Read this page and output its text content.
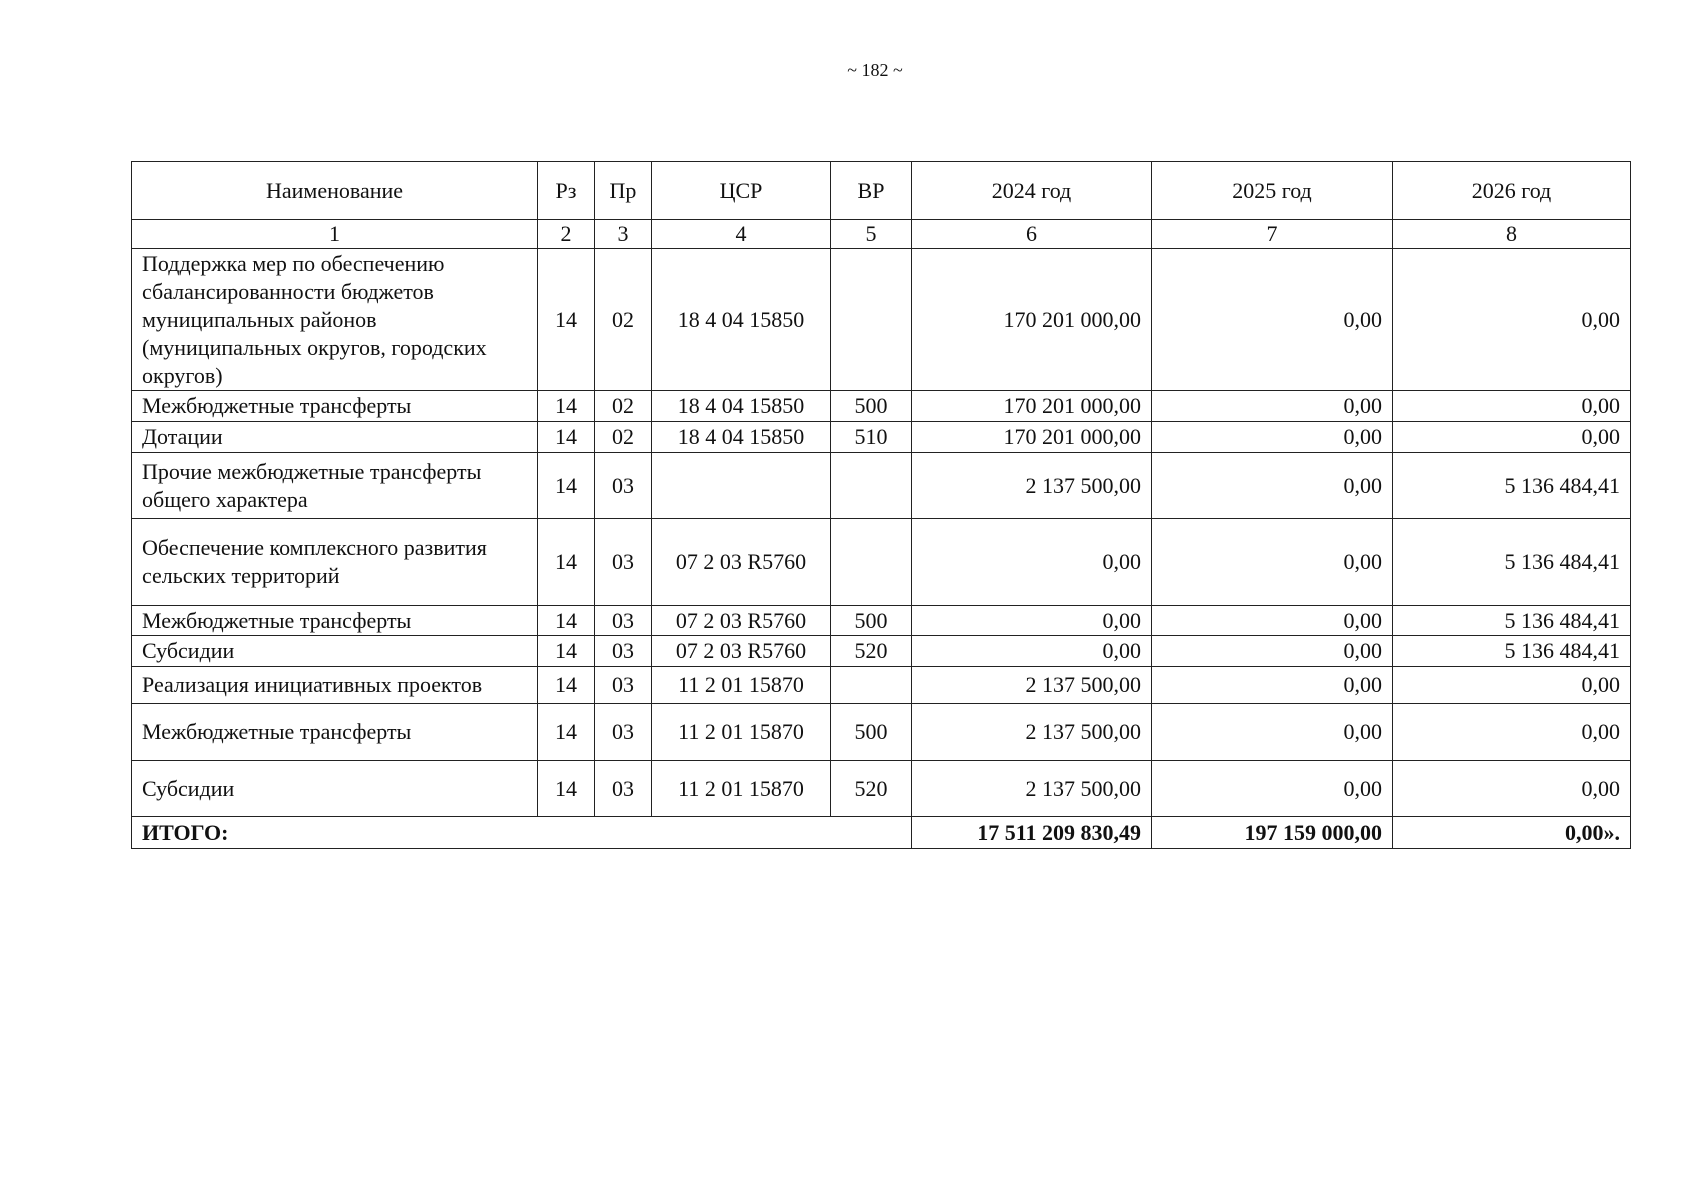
~ 182 ~
Наименование	Рз	Пр	ЦСР	ВР	2024 год	2025 год	2026 год
1	2	3	4	5	6	7	8
Поддержка мер по обеспечению сбалансированности бюджетов муниципальных районов (муниципальных округов, городских округов)	14	02	18 4 04 15850		170 201 000,00	0,00	0,00
Межбюджетные трансферты	14	02	18 4 04 15850	500	170 201 000,00	0,00	0,00
Дотации	14	02	18 4 04 15850	510	170 201 000,00	0,00	0,00
Прочие межбюджетные трансферты общего характера	14	03			2 137 500,00	0,00	5 136 484,41
Обеспечение комплексного развития сельских территорий	14	03	07 2 03 R5760		0,00	0,00	5 136 484,41
Межбюджетные трансферты	14	03	07 2 03 R5760	500	0,00	0,00	5 136 484,41
Субсидии	14	03	07 2 03 R5760	520	0,00	0,00	5 136 484,41
Реализация инициативных проектов	14	03	11 2 01 15870		2 137 500,00	0,00	0,00
Межбюджетные трансферты	14	03	11 2 01 15870	500	2 137 500,00	0,00	0,00
Субсидии	14	03	11 2 01 15870	520	2 137 500,00	0,00	0,00
ИТОГО:					17 511 209 830,49	197 159 000,00	0,00».
